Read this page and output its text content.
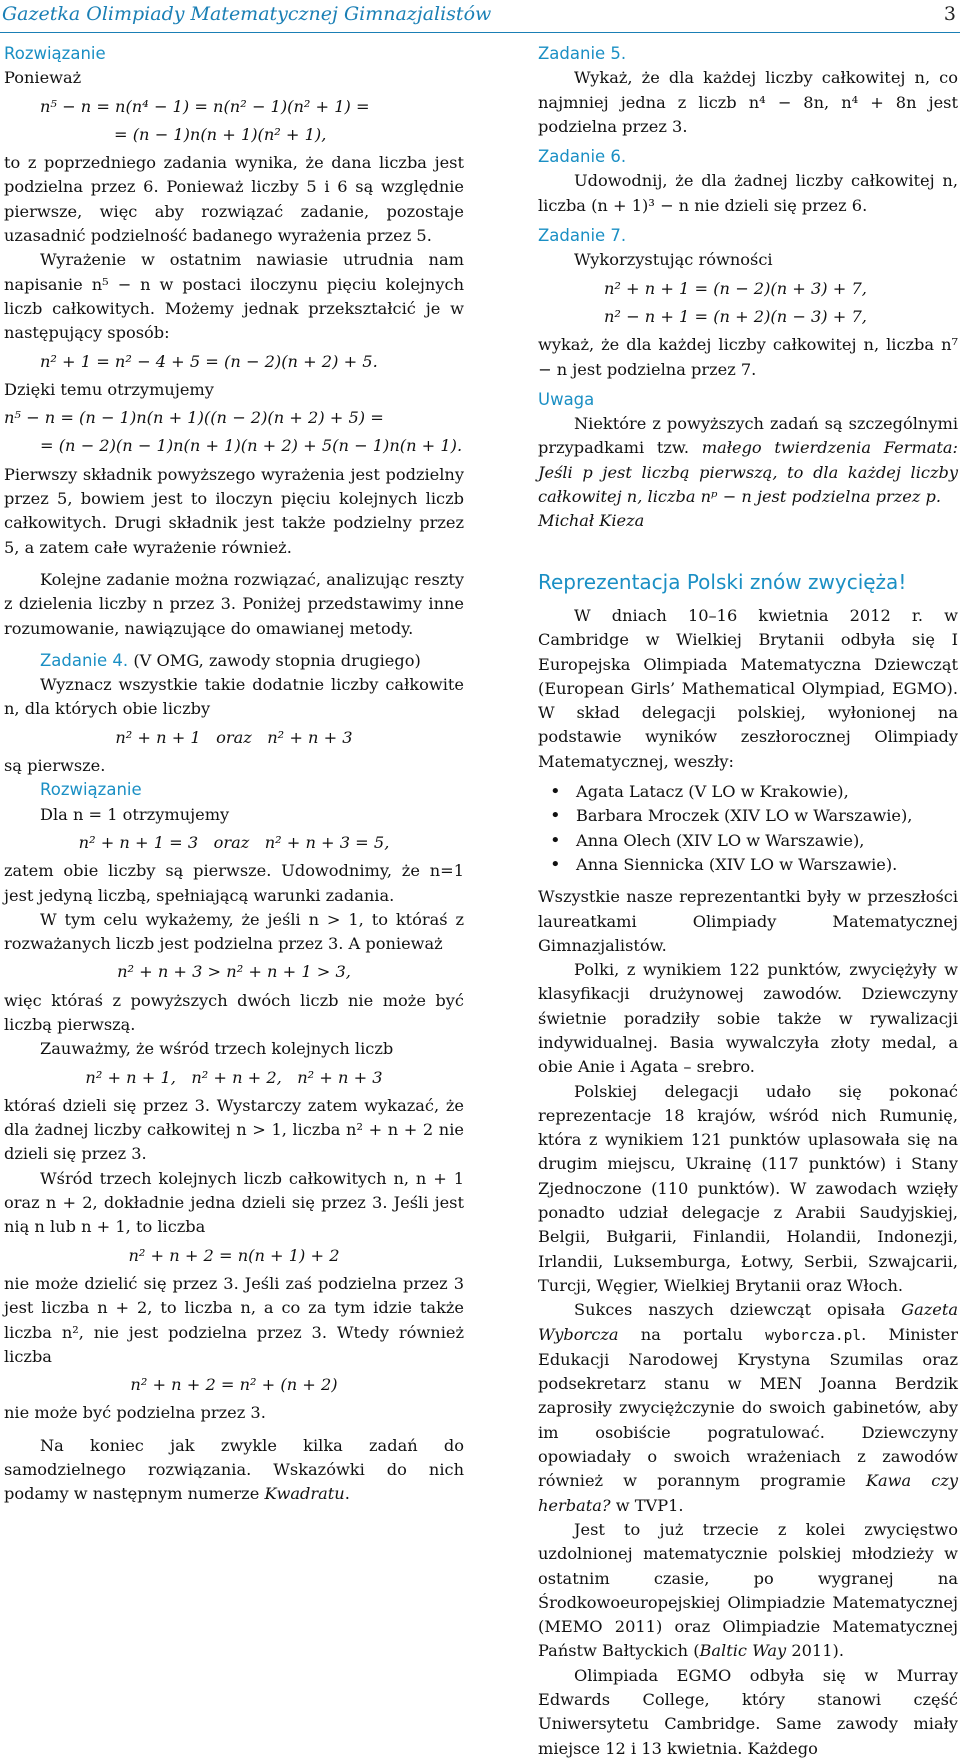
Gazetka Olimpiady Matematycznej Gimnazjalistów	3
Rozwiązanie

Ponieważ

n⁵ − n = n(n⁴ − 1) = n(n² − 1)(n² + 1) =
= (n − 1)n(n + 1)(n² + 1),

to z poprzedniego zadania wynika, że dana liczba jest podzielna przez 6. Ponieważ liczby 5 i 6 są względnie pierwsze, więc aby rozwiązać zadanie, pozostaje uzasadnić podzielność badanego wyrażenia przez 5.

Wyrażenie w ostatnim nawiasie utrudnia nam napisanie n⁵ − n w postaci iloczynu pięciu kolejnych liczb całkowitych. Możemy jednak przekształcić je w następujący sposób:

n² + 1 = n² − 4 + 5 = (n − 2)(n + 2) + 5.

Dzięki temu otrzymujemy

n⁵ − n = (n − 1)n(n + 1)((n − 2)(n + 2) + 5) =
= (n − 2)(n − 1)n(n + 1)(n + 2) + 5(n − 1)n(n + 1).

Pierwszy składnik powyższego wyrażenia jest podzielny przez 5, bowiem jest to iloczyn pięciu kolejnych liczb całkowitych. Drugi składnik jest także podzielny przez 5, a zatem całe wyrażenie również.

Kolejne zadanie można rozwiązać, analizując reszty z dzielenia liczby n przez 3. Poniżej przedstawimy inne rozumowanie, nawiązujące do omawianej metody.

Zadanie 4. (V OMG, zawody stopnia drugiego)

Wyznacz wszystkie takie dodatnie liczby całkowite n, dla których obie liczby

n² + n + 1   oraz   n² + n + 3

są pierwsze.

Rozwiązanie

Dla n = 1 otrzymujemy

n² + n + 1 = 3   oraz   n² + n + 3 = 5,

zatem obie liczby są pierwsze. Udowodnimy, że n=1 jest jedyną liczbą, spełniającą warunki zadania.

W tym celu wykażemy, że jeśli n > 1, to któraś z rozważanych liczb jest podzielna przez 3. A ponieważ

n² + n + 3 > n² + n + 1 > 3,

więc któraś z powyższych dwóch liczb nie może być liczbą pierwszą.

Zauważmy, że wśród trzech kolejnych liczb

n² + n + 1,   n² + n + 2,   n² + n + 3

któraś dzieli się przez 3. Wystarczy zatem wykazać, że dla żadnej liczby całkowitej n > 1, liczba n² + n + 2 nie dzieli się przez 3.

Wśród trzech kolejnych liczb całkowitych n, n + 1 oraz n + 2, dokładnie jedna dzieli się przez 3. Jeśli jest nią n lub n + 1, to liczba

n² + n + 2 = n(n + 1) + 2

nie może dzielić się przez 3. Jeśli zaś podzielna przez 3 jest liczba n + 2, to liczba n, a co za tym idzie także liczba n², nie jest podzielna przez 3. Wtedy również liczba

n² + n + 2 = n² + (n + 2)

nie może być podzielna przez 3.

Na koniec jak zwykle kilka zadań do samodzielnego rozwiązania. Wskazówki do nich podamy w następnym numerze Kwadratu.

Zadanie 5.

Wykaż, że dla każdej liczby całkowitej n, co najmniej jedna z liczb n⁴ − 8n, n⁴ + 8n jest podzielna przez 3.

Zadanie 6.

Udowodnij, że dla żadnej liczby całkowitej n, liczba (n + 1)³ − n nie dzieli się przez 6.

Zadanie 7.

Wykorzystując równości

n² + n + 1 = (n − 2)(n + 3) + 7,
n² − n + 1 = (n + 2)(n − 3) + 7,

wykaż, że dla każdej liczby całkowitej n, liczba n⁷ − n jest podzielna przez 7.

Uwaga

Niektóre z powyższych zadań są szczególnymi przypadkami tzw. małego twierdzenia Fermata: Jeśli p jest liczbą pierwszą, to dla każdej liczby całkowitej n, liczba nᵖ − n jest podzielna przez p.

Michał Kieza

Reprezentacja Polski znów zwycięża!

W dniach 10–16 kwietnia 2012 r. w Cambridge w Wielkiej Brytanii odbyła się I Europejska Olimpiada Matematyczna Dziewcząt (European Girls’ Mathematical Olympiad, EGMO). W skład delegacji polskiej, wyłonionej na podstawie wyników zeszłorocznej Olimpiady Matematycznej, weszły:

• Agata Latacz (V LO w Krakowie),
• Barbara Mroczek (XIV LO w Warszawie),
• Anna Olech (XIV LO w Warszawie),
• Anna Siennicka (XIV LO w Warszawie).

Wszystkie nasze reprezentantki były w przeszłości laureatkami Olimpiady Matematycznej Gimnazjalistów.

Polki, z wynikiem 122 punktów, zwyciężyły w klasyfikacji drużynowej zawodów. Dziewczyny świetnie poradziły sobie także w rywalizacji indywidualnej. Basia wywalczyła złoty medal, a obie Anie i Agata – srebro.

Polskiej delegacji udało się pokonać reprezentacje 18 krajów, wśród nich Rumunię, która z wynikiem 121 punktów uplasowała się na drugim miejscu, Ukrainę (117 punktów) i Stany Zjednoczone (110 punktów). W zawodach wzięły ponadto udział delegacje z Arabii Saudyjskiej, Belgii, Bułgarii, Finlandii, Holandii, Indonezji, Irlandii, Luksemburga, Łotwy, Serbii, Szwajcarii, Turcji, Węgier, Wielkiej Brytanii oraz Włoch.

Sukces naszych dziewcząt opisała Gazeta Wyborcza na portalu wyborcza.pl. Minister Edukacji Narodowej Krystyna Szumilas oraz podsekretarz stanu w MEN Joanna Berdzik zaprosiły zwyciężczynie do swoich gabinetów, aby im osobiście pogratulować. Dziewczyny opowiadały o swoich wrażeniach z zawodów również w porannym programie Kawa czy herbata? w TVP1.

Jest to już trzecie z kolei zwycięstwo uzdolnionej matematycznie polskiej młodzieży w ostatnim czasie, po wygranej na Środkowoeuropejskiej Olimpiadzie Matematycznej (MEMO 2011) oraz Olimpiadzie Matematycznej Państw Bałtyckich (Baltic Way 2011).

Olimpiada EGMO odbyła się w Murray Edwards College, który stanowi część Uniwersytetu Cambridge. Same zawody miały miejsce 12 i 13 kwietnia. Każdego
